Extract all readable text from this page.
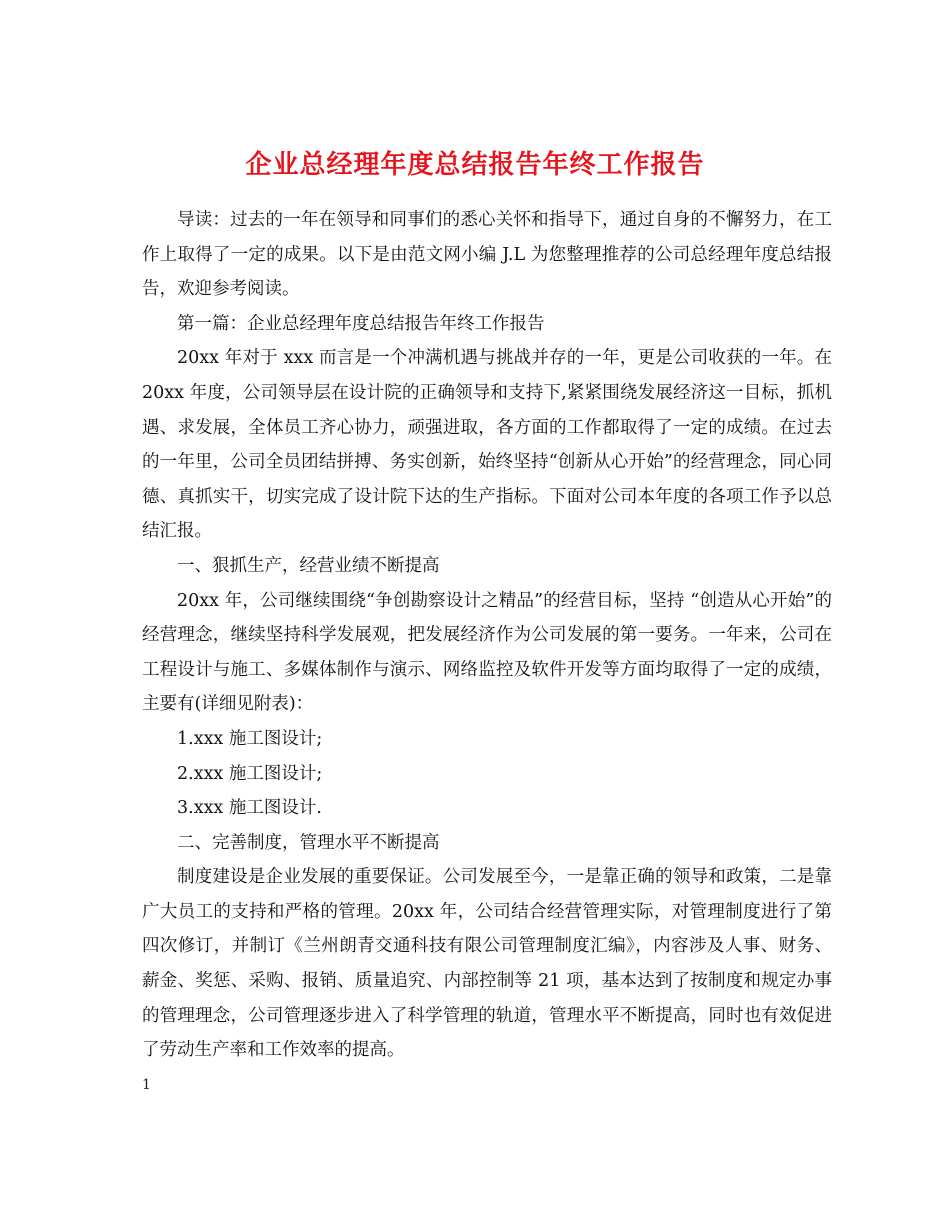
企业总经理年度总结报告年终工作报告

导读：过去的一年在领导和同事们的悉心关怀和指导下，通过自身的不懈努力，在工作上取得了一定的成果。以下是由范文网小编 J.L 为您整理推荐的公司总经理年度总结报告，欢迎参考阅读。

第一篇：企业总经理年度总结报告年终工作报告

20xx 年对于 xxx 而言是一个冲满机遇与挑战并存的一年，更是公司收获的一年。在 20xx 年度，公司领导层在设计院的正确领导和支持下,紧紧围绕发展经济这一目标，抓机遇、求发展，全体员工齐心协力，顽强进取，各方面的工作都取得了一定的成绩。在过去的一年里，公司全员团结拼搏、务实创新，始终坚持“创新从心开始”的经营理念，同心同德、真抓实干，切实完成了设计院下达的生产指标。下面对公司本年度的各项工作予以总结汇报。

一、狠抓生产，经营业绩不断提高

20xx 年，公司继续围绕“争创勘察设计之精品”的经营目标，坚持 “创造从心开始”的经营理念，继续坚持科学发展观，把发展经济作为公司发展的第一要务。一年来，公司在工程设计与施工、多媒体制作与演示、网络监控及软件开发等方面均取得了一定的成绩，主要有(详细见附表)：

1.xxx 施工图设计;

2.xxx 施工图设计;

3.xxx 施工图设计.

二、完善制度，管理水平不断提高

制度建设是企业发展的重要保证。公司发展至今，一是靠正确的领导和政策，二是靠广大员工的支持和严格的管理。20xx 年，公司结合经营管理实际，对管理制度进行了第四次修订，并制订《兰州朗青交通科技有限公司管理制度汇编》，内容涉及人事、财务、薪金、奖惩、采购、报销、质量追究、内部控制等 21 项，基本达到了按制度和规定办事的管理理念，公司管理逐步进入了科学管理的轨道，管理水平不断提高，同时也有效促进了劳动生产率和工作效率的提高。

1
